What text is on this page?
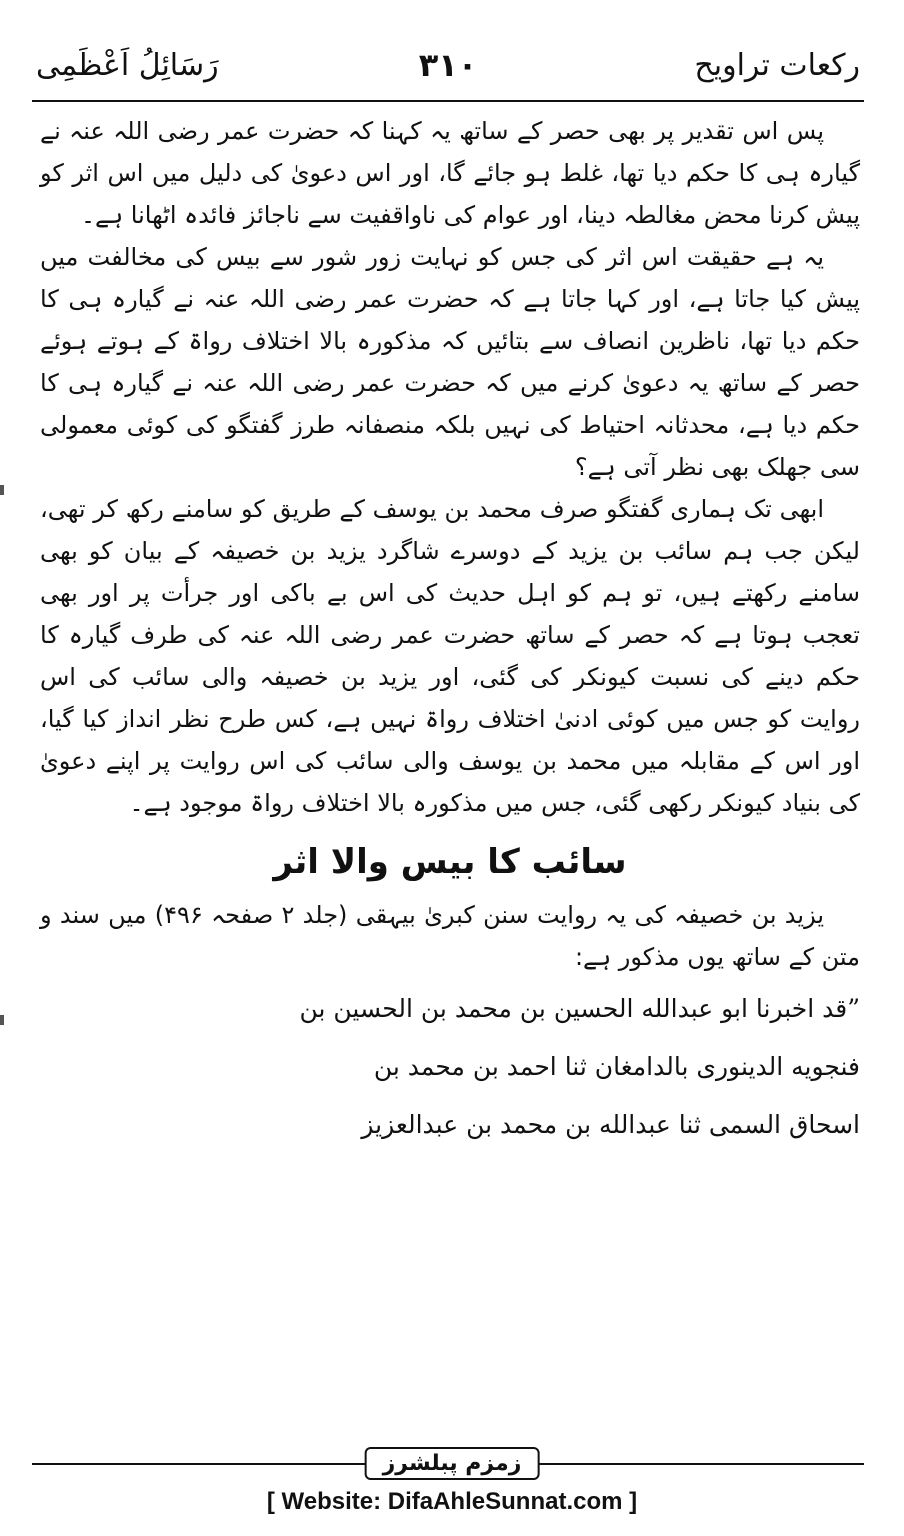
رَسَائِلُ اَعْظَمِی	۳۱۰	رکعات تراویح

پس اس تقدیر پر بھی حصر کے ساتھ یہ کہنا کہ حضرت عمر رضی اللہ عنہ نے گیارہ ہی کا حکم دیا تھا، غلط ہو جائے گا، اور اس دعویٰ کی دلیل میں اس اثر کو پیش کرنا محض مغالطہ دینا، اور عوام کی ناواقفیت سے ناجائز فائدہ اٹھانا ہے۔

یہ ہے حقیقت اس اثر کی جس کو نہایت زور شور سے بیس کی مخالفت میں پیش کیا جاتا ہے، اور کہا جاتا ہے کہ حضرت عمر رضی اللہ عنہ نے گیارہ ہی کا حکم دیا تھا، ناظرین انصاف سے بتائیں کہ مذکورہ بالا اختلاف رواۃ کے ہوتے ہوئے حصر کے ساتھ یہ دعویٰ کرنے میں کہ حضرت عمر رضی اللہ عنہ نے گیارہ ہی کا حکم دیا ہے، محدثانہ احتیاط کی نہیں بلکہ منصفانہ طرز گفتگو کی کوئی معمولی سی جھلک بھی نظر آتی ہے؟

ابھی تک ہماری گفتگو صرف محمد بن یوسف کے طریق کو سامنے رکھ کر تھی، لیکن جب ہم سائب بن یزید کے دوسرے شاگرد یزید بن خصیفہ کے بیان کو بھی سامنے رکھتے ہیں، تو ہم کو اہل حدیث کی اس بے باکی اور جرأت پر اور بھی تعجب ہوتا ہے کہ حصر کے ساتھ حضرت عمر رضی اللہ عنہ کی طرف گیارہ کا حکم دینے کی نسبت کیونکر کی گئی، اور یزید بن خصیفہ والی سائب کی اس روایت کو جس میں کوئی ادنیٰ اختلاف رواۃ نہیں ہے، کس طرح نظر انداز کیا گیا، اور اس کے مقابلہ میں محمد بن یوسف والی سائب کی اس روایت پر اپنے دعویٰ کی بنیاد کیونکر رکھی گئی، جس میں مذکورہ بالا اختلاف رواۃ موجود ہے۔

سائب کا بیس والا اثر

یزید بن خصیفہ کی یہ روایت سنن کبریٰ بیہقی (جلد ۲ صفحہ ۴۹۶) میں سند و متن کے ساتھ یوں مذکور ہے:

”قد اخبرنا ابو عبدالله الحسين بن محمد بن الحسين بن

فنجويه الدينوری بالدامغان ثنا احمد بن محمد بن

اسحاق السمی ثنا عبدالله بن محمد بن عبدالعزيز

زمزم پبلشرز
[ Website: DifaAhleSunnat.com ]
